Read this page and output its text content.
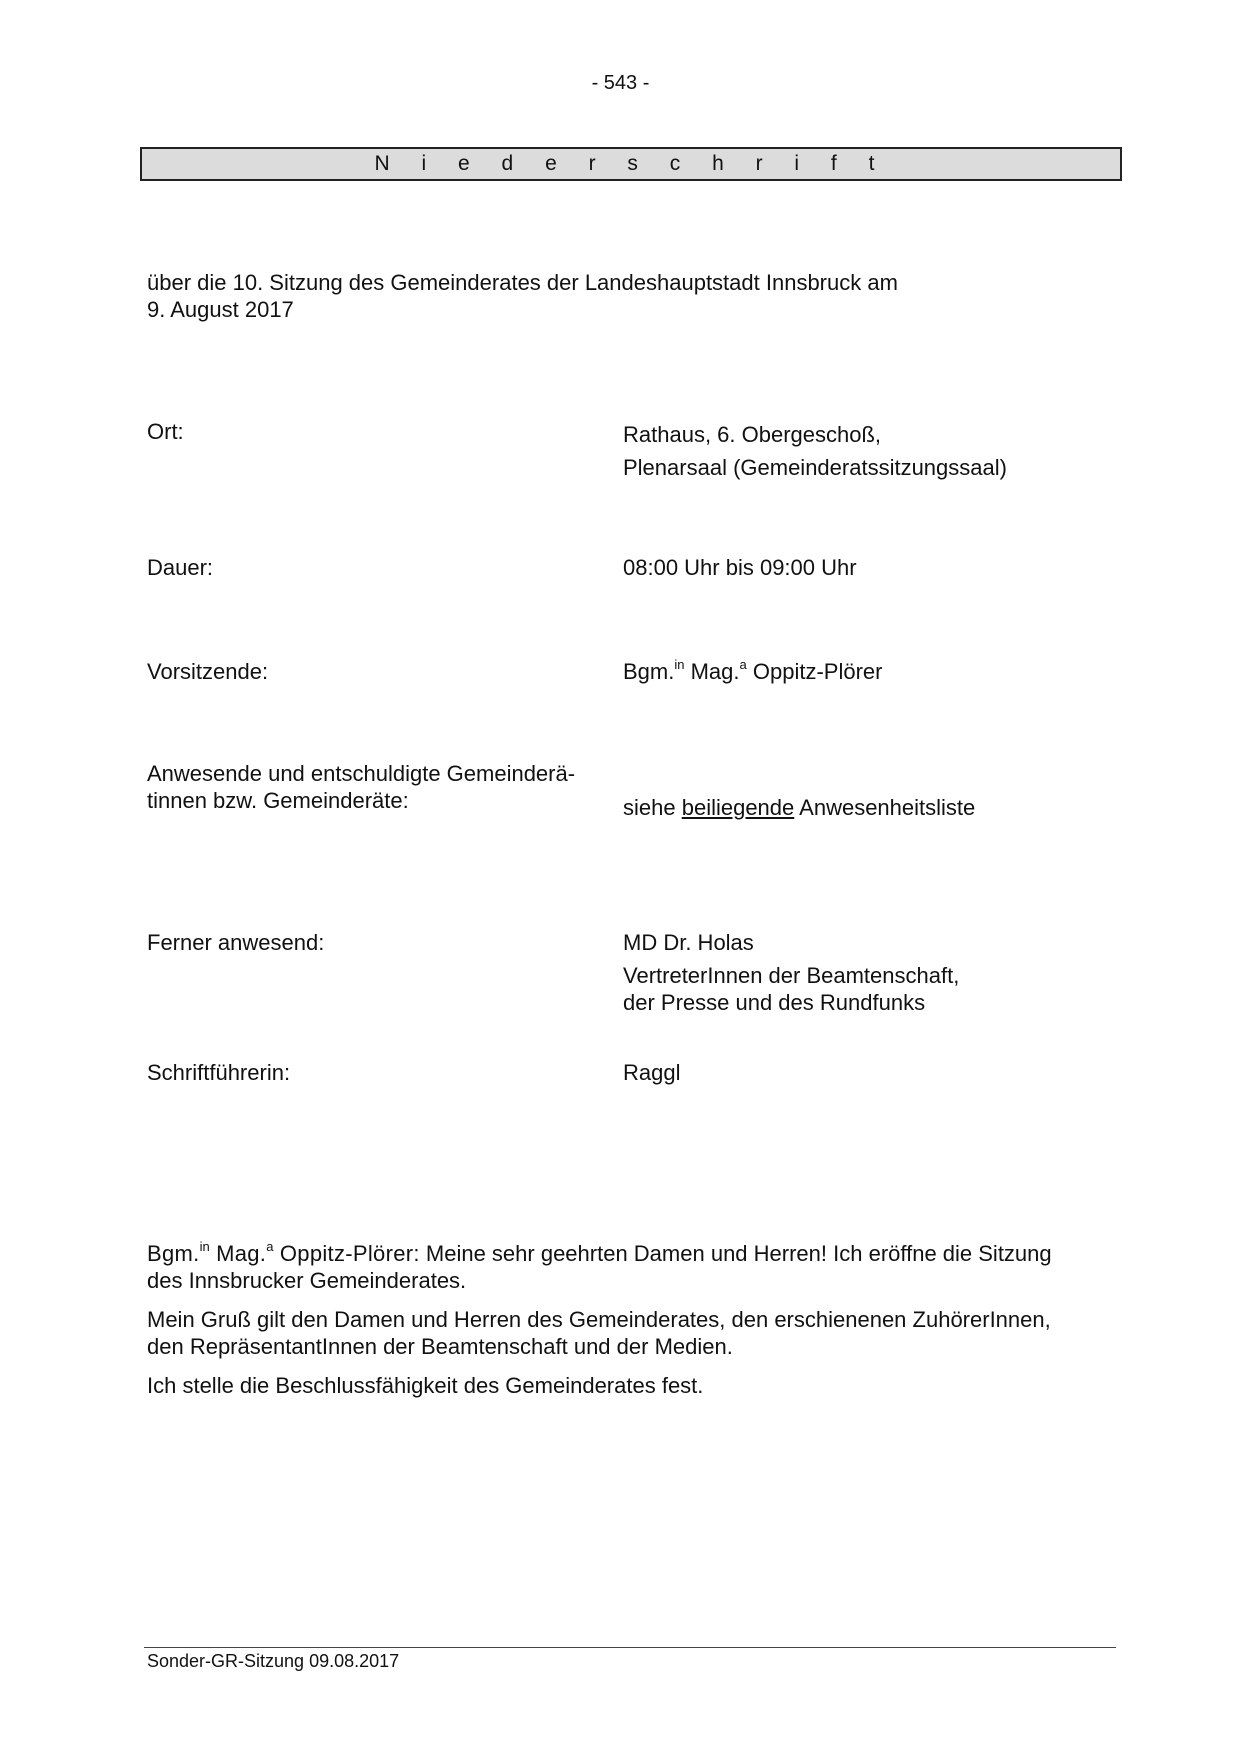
- 543 -
N i e d e r s c h r i f t
über die 10. Sitzung des Gemeinderates der Landeshauptstadt Innsbruck am
9. August 2017
Ort:	Rathaus, 6. Obergeschoß,
Plenarsaal (Gemeinderatssitzungssaal)
Dauer:	08:00 Uhr bis 09:00 Uhr
Vorsitzende:	Bgm.$^{in}$ Mag.$^a$ Oppitz-Plörer
Anwesende und entschuldigte Gemeinderä-
tinnen bzw. Gemeinderäte:	siehe beiliegende Anwesenheitsliste
Ferner anwesend:	MD Dr. Holas
VertreterInnen der Beamtenschaft,
der Presse und des Rundfunks
Schriftführerin:	Raggl
Bgm.$^{in}$ Mag.$^a$ Oppitz-Plörer: Meine sehr geehrten Damen und Herren! Ich eröffne die Sitzung
des Innsbrucker Gemeinderates.
Mein Gruß gilt den Damen und Herren des Gemeinderates, den erschienenen ZuhörerInnen,
den RepräsentantInnen der Beamtenschaft und der Medien.
Ich stelle die Beschlussfähigkeit des Gemeinderates fest.
Sonder-GR-Sitzung 09.08.2017
